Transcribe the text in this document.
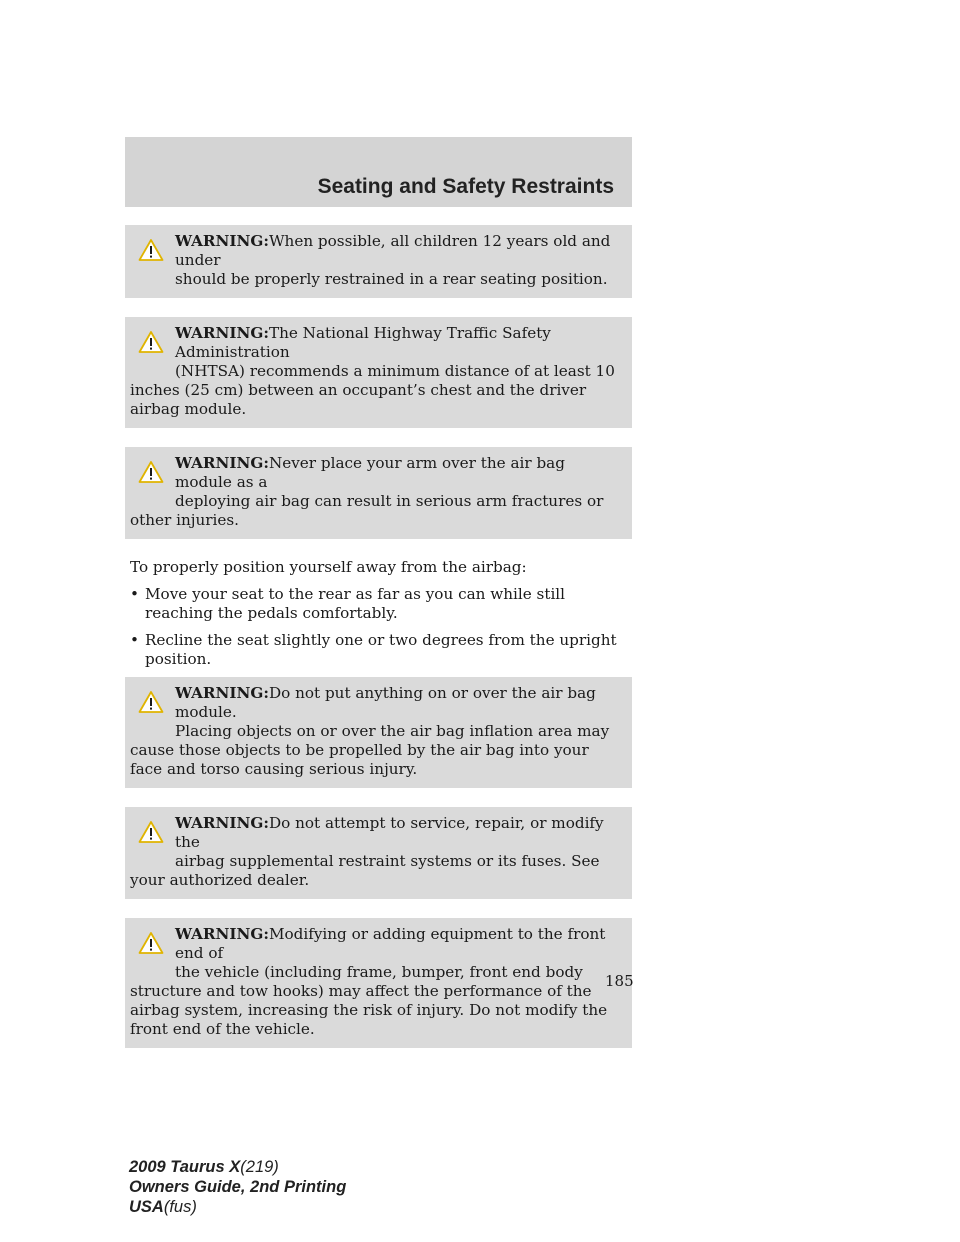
Seating and Safety Restraints
WARNING:When possible, all children 12 years old and under
should be properly restrained in a rear seating position.
WARNING:The National Highway Traffic Safety Administration
(NHTSA) recommends a minimum distance of at least 10 inches (25 cm) between an occupant’s chest and the driver airbag module.
WARNING:Never place your arm over the air bag module as a
deploying air bag can result in serious arm fractures or other injuries.

To properly position yourself away from the airbag:

• Move your seat to the rear as far as you can while still reaching the pedals comfortably.
• Recline the seat slightly one or two degrees from the upright position.
WARNING:Do not put anything on or over the air bag module.
Placing objects on or over the air bag inflation area may cause those objects to be propelled by the air bag into your face and torso causing serious injury.
WARNING:Do not attempt to service, repair, or modify the
airbag supplemental restraint systems or its fuses. See your authorized dealer.
WARNING:Modifying or adding equipment to the front end of
the vehicle (including frame, bumper, front end body structure and tow hooks) may affect the performance of the airbag system, increasing the risk of injury. Do not modify the front end of the vehicle.
185
2009 Taurus X(219)
Owners Guide, 2nd Printing
USA(fus)
